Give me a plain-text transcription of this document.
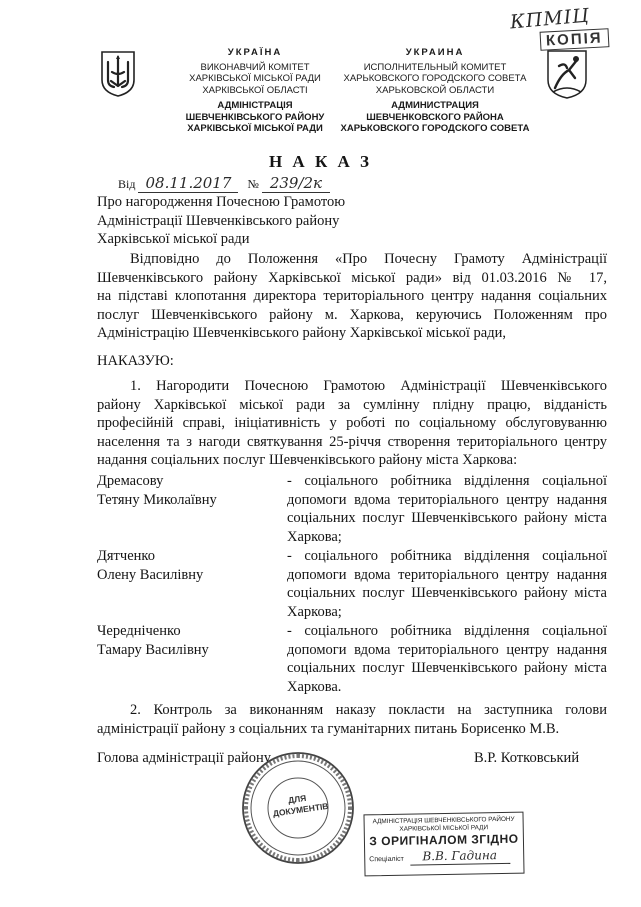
УКРАЇНА
ВИКОНАВЧИЙ КОМІТЕТ
ХАРКІВСЬКОЇ МІСЬКОЇ РАДИ
ХАРКІВСЬКОЇ ОБЛАСТІ
АДМІНІСТРАЦІЯ
ШЕВЧЕНКІВСЬКОГО РАЙОНУ
ХАРКІВСЬКОЇ МІСЬКОЇ РАДИ
УКРАИНА
ИСПОЛНИТЕЛЬНЫЙ КОМИТЕТ
ХАРЬКОВСКОГО ГОРОДСКОГО СОВЕТА
ХАРЬКОВСКОЙ ОБЛАСТИ
АДМИНИСТРАЦИЯ
ШЕВЧЕНКОВСКОГО РАЙОНА
ХАРЬКОВСКОГО ГОРОДСКОГО СОВЕТА
КПМІЦ
КОПІЯ
Н А К А З
Від 08.11.2017 № 239/2к
Про нагородження Почесною Грамотою
Адміністрації Шевченківського району
Харківської міської ради
Відповідно до Положення «Про Почесну Грамоту Адміністрації
Шевченківського району Харківської міської ради» від 01.03.2016 № 17,
на підставі клопотання директора територіального центру надання соціальних
послуг Шевченківського району м. Харкова, керуючись Положенням про
Адміністрацію Шевченківського району Харківської міської ради,
НАКАЗУЮ:
1. Нагородити Почесною Грамотою Адміністрації Шевченківського
району Харківської міської ради за сумлінну плідну працю, відданість
професійній справі, ініціативність у роботі по соціальному обслуговуванню
населення та з нагоди святкування 25-річчя створення територіального центру
надання соціальних послуг Шевченківського району міста Харкова:
Дремасову
Тетяну Миколаївну
- соціального робітника відділення соціальної
допомоги вдома територіального центру надання
соціальних послуг Шевченківського району міста
Харкова;
Дятченко
Олену Василівну
- соціального робітника відділення соціальної
допомоги вдома територіального центру надання
соціальних послуг Шевченківського району міста
Харкова;
Чередніченко
Тамару Василівну
- соціального робітника відділення соціальної
допомоги вдома територіального центру надання
соціальних послуг Шевченківського району міста
Харкова.
2. Контроль за виконанням наказу покласти на заступника голови
адміністрації району з соціальних та гуманітарних питань Борисенко М.В.
Голова адміністрації району	В.Р. Котковський
ДЛЯ ДОКУМЕНТІВ
АДМІНІСТРАЦІЯ ШЕВЧЕНКІВСЬКОГО РАЙОНУ
ХАРКІВСЬКОЇ МІСЬКОЇ РАДИ
З ОРИГІНАЛОМ ЗГІДНО
Спеціаліст В.В. Гадина
